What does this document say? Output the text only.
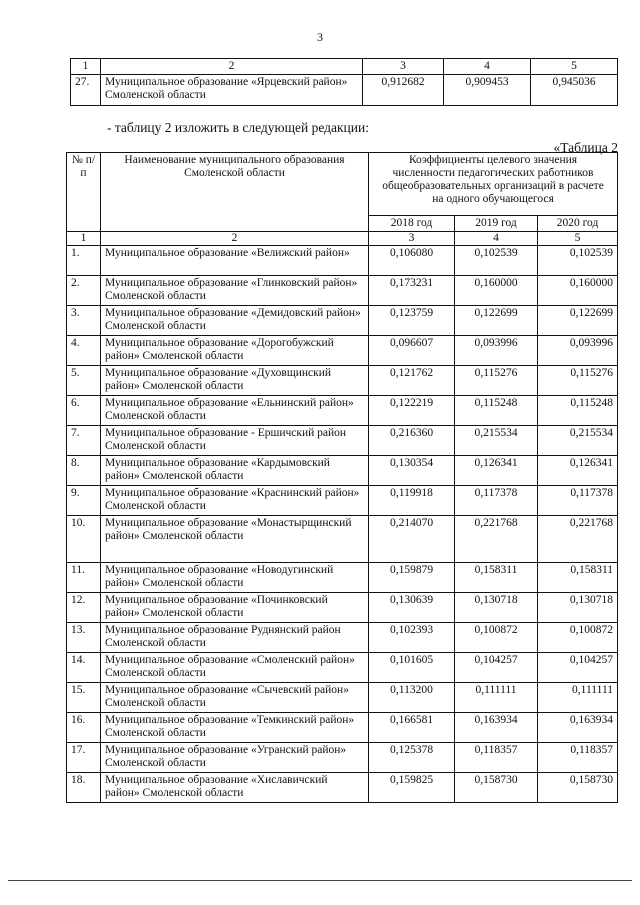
3
1	2	3	4	5
27.	Муниципальное образование «Ярцевский район» Смоленской области	0,912682	0,909453	0,945036
- таблицу 2 изложить в следующей редакции:
«Таблица 2
№ п/п	Наименование муниципального образования Смоленской области	Коэффициенты целевого значения численности педагогических работников общеобразовательных организаций в расчете на одного обучающегося		
		2018 год	2019 год	2020 год
1	2	3	4	5
1.	Муниципальное образование «Велижский район»	0,106080	0,102539	0,102539
2.	Муниципальное образование «Глинковский район» Смоленской области	0,173231	0,160000	0,160000
3.	Муниципальное образование «Демидовский район» Смоленской области	0,123759	0,122699	0,122699
4.	Муниципальное образование «Дорогобужский район» Смоленской области	0,096607	0,093996	0,093996
5.	Муниципальное образование «Духовщинский район» Смоленской области	0,121762	0,115276	0,115276
6.	Муниципальное образование «Ельнинский район» Смоленской области	0,122219	0,115248	0,115248
7.	Муниципальное образование - Ершичский район Смоленской области	0,216360	0,215534	0,215534
8.	Муниципальное образование «Кардымовский район» Смоленской области	0,130354	0,126341	0,126341
9.	Муниципальное образование «Краснинский район» Смоленской области	0,119918	0,117378	0,117378
10.	Муниципальное образование «Монастырщинский район» Смоленской области	0,214070	0,221768	0,221768
11.	Муниципальное образование «Новодугинский район» Смоленской области	0,159879	0,158311	0,158311
12.	Муниципальное образование «Починковский район» Смоленской области	0,130639	0,130718	0,130718
13.	Муниципальное образование Руднянский район Смоленской области	0,102393	0,100872	0,100872
14.	Муниципальное образование «Смоленский район» Смоленской области	0,101605	0,104257	0,104257
15.	Муниципальное образование «Сычевский район» Смоленской области	0,113200	0,111111	0,111111
16.	Муниципальное образование «Темкинский район» Смоленской области	0,166581	0,163934	0,163934
17.	Муниципальное образование «Угранский район» Смоленской области	0,125378	0,118357	0,118357
18.	Муниципальное образование «Хиславичский район» Смоленской области	0,159825	0,158730	0,158730
